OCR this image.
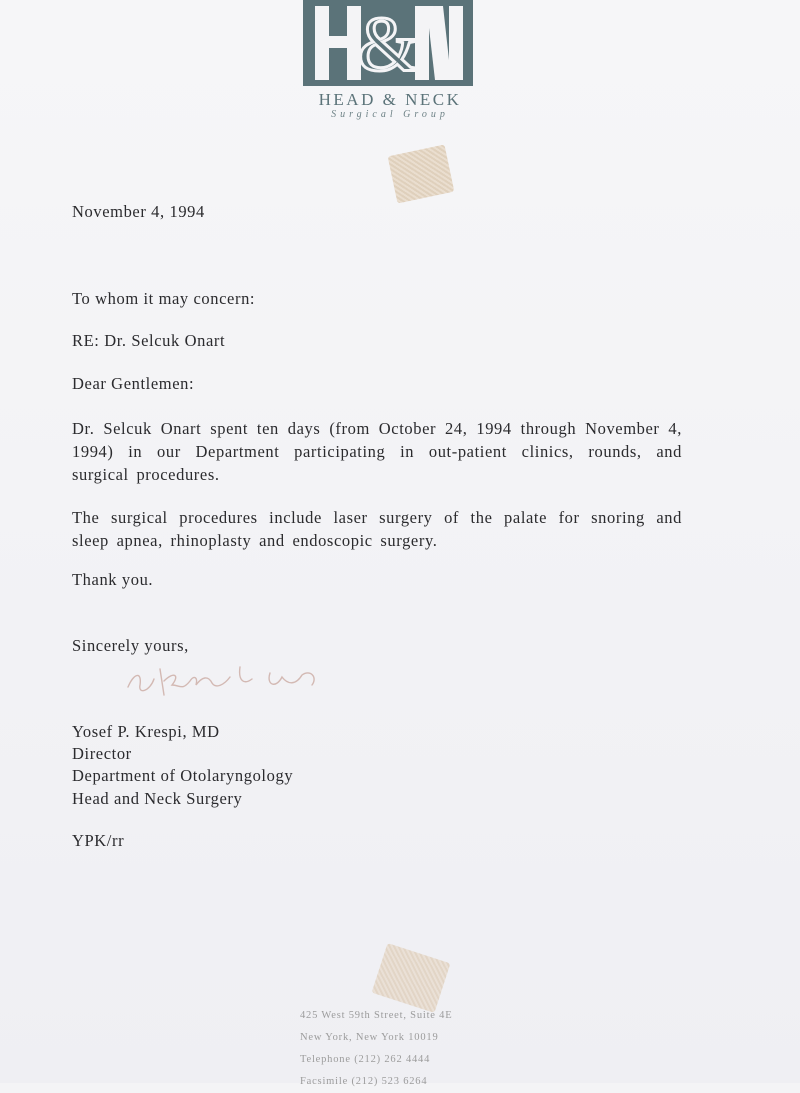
&
HEAD & NECK
Surgical Group
November 4, 1994
To whom it may concern:
RE: Dr. Selcuk Onart
Dear Gentlemen:
Dr. Selcuk Onart spent ten days (from October 24, 1994 through November 4, 1994) in our Department participating in out-patient clinics, rounds, and surgical procedures.
The surgical procedures include laser surgery of the palate for snoring and sleep apnea, rhinoplasty and endoscopic surgery.
Thank you.
Sincerely yours,
Yosef P. Krespi, MD
Director
Department of Otolaryngology
Head and Neck Surgery
YPK/rr
425 West 59th Street, Suite 4E
New York, New York 10019
Telephone (212) 262 4444
Facsimile (212) 523 6264
